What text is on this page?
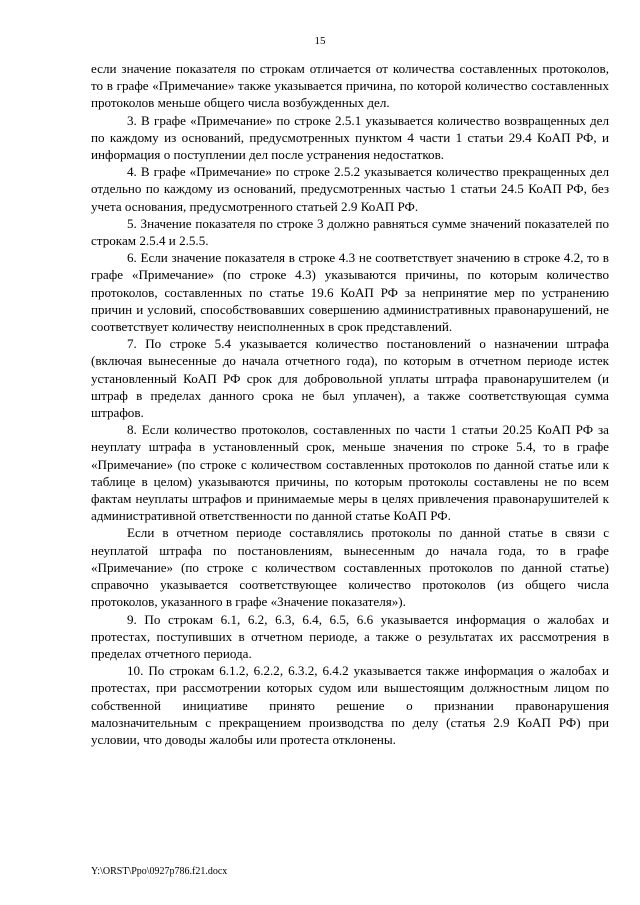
15

если значение показателя по строкам отличается от количества составленных протоколов, то в графе «Примечание» также указывается причина, по которой количество составленных протоколов меньше общего числа возбужденных дел.

3. В графе «Примечание» по строке 2.5.1 указывается количество возвращенных дел по каждому из оснований, предусмотренных пунктом 4 части 1 статьи 29.4 КоАП РФ, и информация о поступлении дел после устранения недостатков.

4. В графе «Примечание» по строке 2.5.2 указывается количество прекращенных дел отдельно по каждому из оснований, предусмотренных частью 1 статьи 24.5 КоАП РФ, без учета основания, предусмотренного статьей 2.9 КоАП РФ.

5. Значение показателя по строке 3 должно равняться сумме значений показателей по строкам 2.5.4 и 2.5.5.

6. Если значение показателя в строке 4.3 не соответствует значению в строке 4.2, то в графе «Примечание» (по строке 4.3) указываются причины, по которым количество протоколов, составленных по статье 19.6 КоАП РФ за непринятие мер по устранению причин и условий, способствовавших совершению административных правонарушений, не соответствует количеству неисполненных в срок представлений.

7. По строке 5.4 указывается количество постановлений о назначении штрафа (включая вынесенные до начала отчетного года), по которым в отчетном периоде истек установленный КоАП РФ срок для добровольной уплаты штрафа правонарушителем (и штраф в пределах данного срока не был уплачен), а также соответствующая сумма штрафов.

8. Если количество протоколов, составленных по части 1 статьи 20.25 КоАП РФ за неуплату штрафа в установленный срок, меньше значения по строке 5.4, то в графе «Примечание» (по строке с количеством составленных протоколов по данной статье или к таблице в целом) указываются причины, по которым протоколы составлены не по всем фактам неуплаты штрафов и принимаемые меры в целях привлечения правонарушителей к административной ответственности по данной статье КоАП РФ.

Если в отчетном периоде составлялись протоколы по данной статье в связи с неуплатой штрафа по постановлениям, вынесенным до начала года, то в графе «Примечание» (по строке с количеством составленных протоколов по данной статье) справочно указывается соответствующее количество протоколов (из общего числа протоколов, указанного в графе «Значение показателя»).

9. По строкам 6.1, 6.2, 6.3, 6.4, 6.5, 6.6 указывается информация о жалобах и протестах, поступивших в отчетном периоде, а также о результатах их рассмотрения в пределах отчетного периода.

10. По строкам 6.1.2, 6.2.2, 6.3.2, 6.4.2 указывается также информация о жалобах и протестах, при рассмотрении которых судом или вышестоящим должностным лицом по собственной инициативе принято решение о признании правонарушения малозначительным с прекращением производства по делу (статья 2.9 КоАП РФ) при условии, что доводы жалобы или протеста отклонены.

Y:\ORST\Ppo\0927p786.f21.docx
